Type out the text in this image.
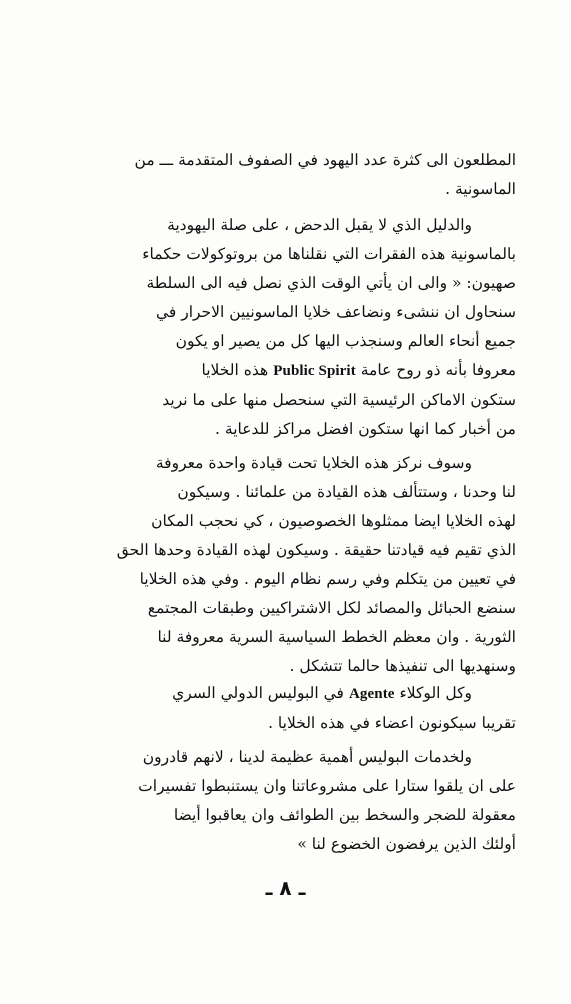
المطلعون الى كثرة عدد اليهود في الصفوف المتقدمة ـــ من
الماسونية .
والدليل الذي لا يقبل الدحض ، على صلة اليهودية
بالماسونية هذه الفقرات التي نقلناها من بروتوكولات حكماء
صهيون: « والى ان يأتي الوقت الذي نصل فيه الى السلطة
سنحاول ان ننشىء ونضاعف خلايا الماسونيين الاحرار في
جميع أنحاء العالم وسنجذب اليها كل من يصير او يكون
معروفا بأنه ذو روح عامة Public Spirit هذه الخلايا
ستكون الاماكن الرئيسية التي سنحصل منها على ما نريد
من أخبار كما انها ستكون افضل مراكز للدعاية .
وسوف نركز هذه الخلايا تحت قيادة واحدة معروفة
لنا وحدنا ، وستتألف هذه القيادة من علمائنا . وسيكون
لهذه الخلايا ايضا ممثلوها الخصوصيون ، كي نحجب المكان
الذي تقيم فيه قيادتنا حقيقة . وسيكون لهذه القيادة وحدها الحق
في تعيين من يتكلم وفي رسم نظام اليوم . وفي هذه الخلايا
سنضع الحبائل والمصائد لكل الاشتراكيين وطبقات المجتمع
الثورية . وان معظم الخطط السياسية السرية معروفة لنا
وسنهديها الى تنفيذها حالما تتشكل .
وكل الوكلاء Agente في البوليس الدولي السري
تقريبا سيكونون اعضاء في هذه الخلايا .
ولخدمات البوليس أهمية عظيمة لدينا ، لانهم قادرون
على ان يلقوا ستارا على مشروعاتنا وان يستنبطوا تفسيرات
معقولة للضجر والسخط بين الطوائف وان يعاقبوا أيضا
أولئك الذين يرفضون الخضوع لنا »
ـ ٨ ـ
